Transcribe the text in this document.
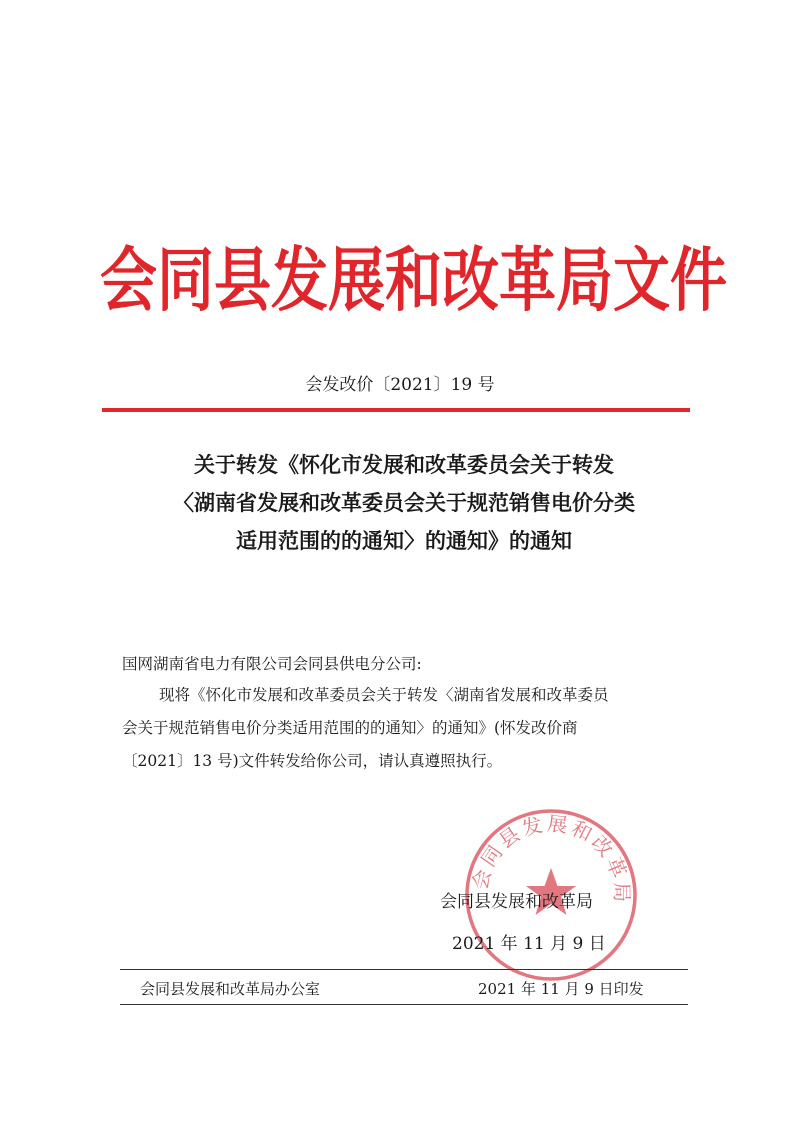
会同县发展和改革局文件
会发改价〔2021〕19 号
关于转发《怀化市发展和改革委员会关于转发
〈湖南省发展和改革委员会关于规范销售电价分类
适用范围的的通知〉的通知》的通知
国网湖南省电力有限公司会同县供电分公司:
现将《怀化市发展和改革委员会关于转发〈湖南省发展和改革委员
会关于规范销售电价分类适用范围的的通知〉的通知》(怀发改价商
〔2021〕13 号)文件转发给你公司，请认真遵照执行。
会同县发展和改革局
会同县发展和改革局
2021 年 11 月 9 日
会同县发展和改革局办公室	2021 年 11 月 9 日印发
